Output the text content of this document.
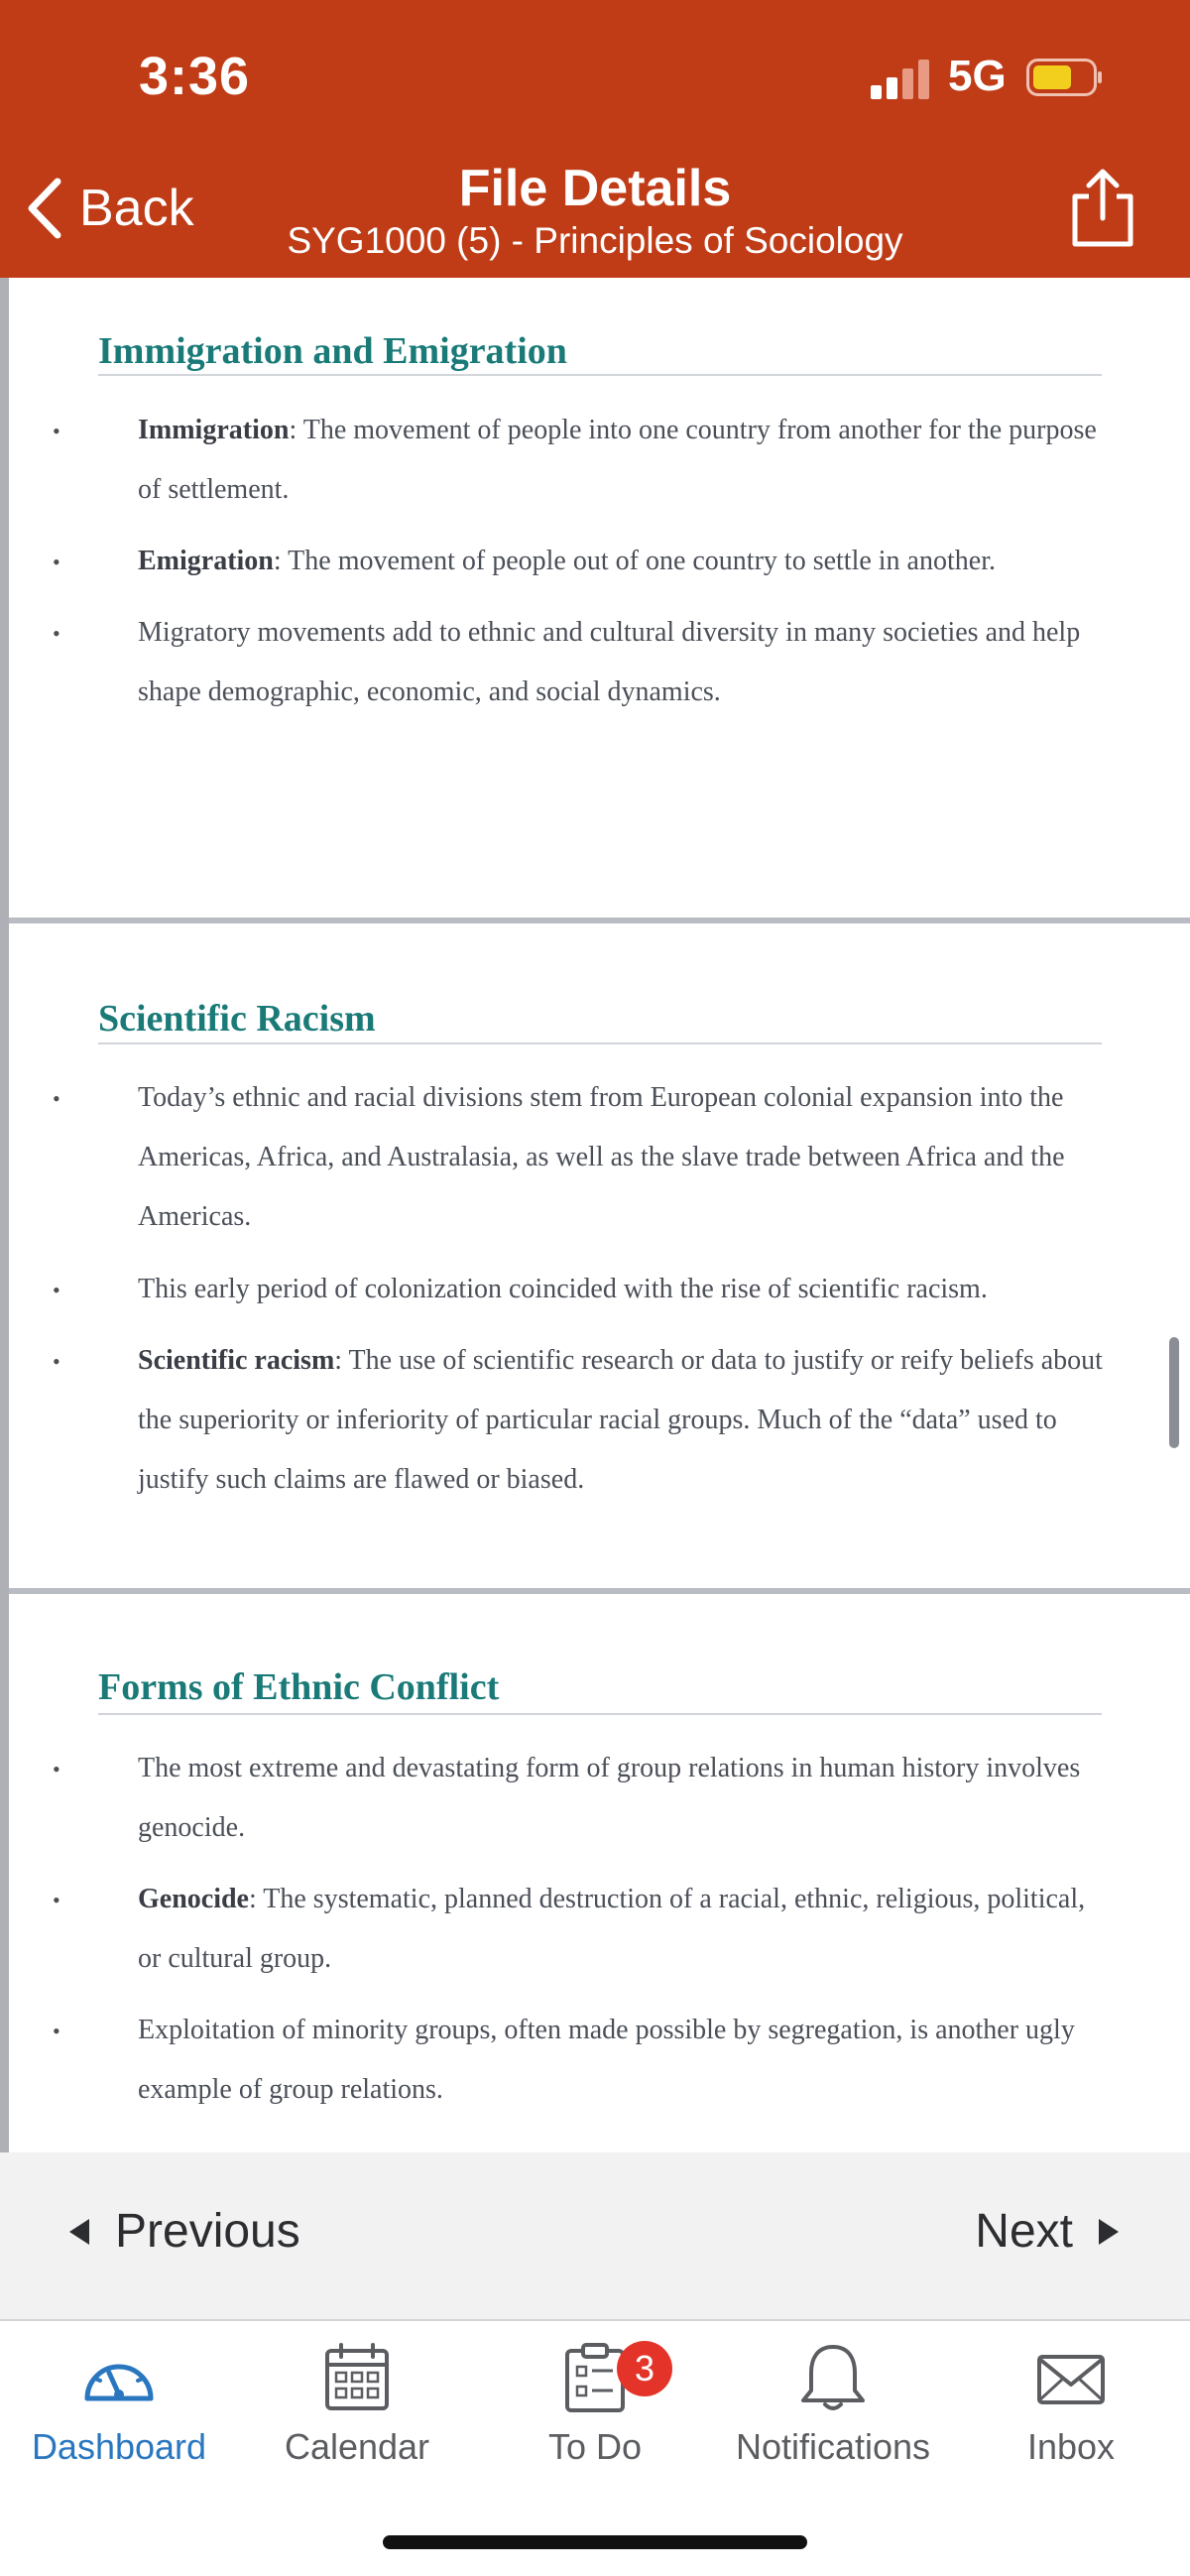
3:36	5G
Back	File Details
SYG1000 (5) - Principles of Sociology
Immigration and Emigration
•	Immigration: The movement of people into one country from another for the purpose of settlement.
•	Emigration: The movement of people out of one country to settle in another.
•	Migratory movements add to ethnic and cultural diversity in many societies and help shape demographic, economic, and social dynamics.
Scientific Racism
•	Today’s ethnic and racial divisions stem from European colonial expansion into the Americas, Africa, and Australasia, as well as the slave trade between Africa and the Americas.
•	This early period of colonization coincided with the rise of scientific racism.
•	Scientific racism: The use of scientific research or data to justify or reify beliefs about the superiority or inferiority of particular racial groups. Much of the “data” used to justify such claims are flawed or biased.
Forms of Ethnic Conflict
•	The most extreme and devastating form of group relations in human history involves genocide.
•	Genocide: The systematic, planned destruction of a racial, ethnic, religious, political, or cultural group.
•	Exploitation of minority groups, often made possible by segregation, is another ugly example of group relations.
Previous	Next
Dashboard	Calendar
3
To Do	Notifications	Inbox
